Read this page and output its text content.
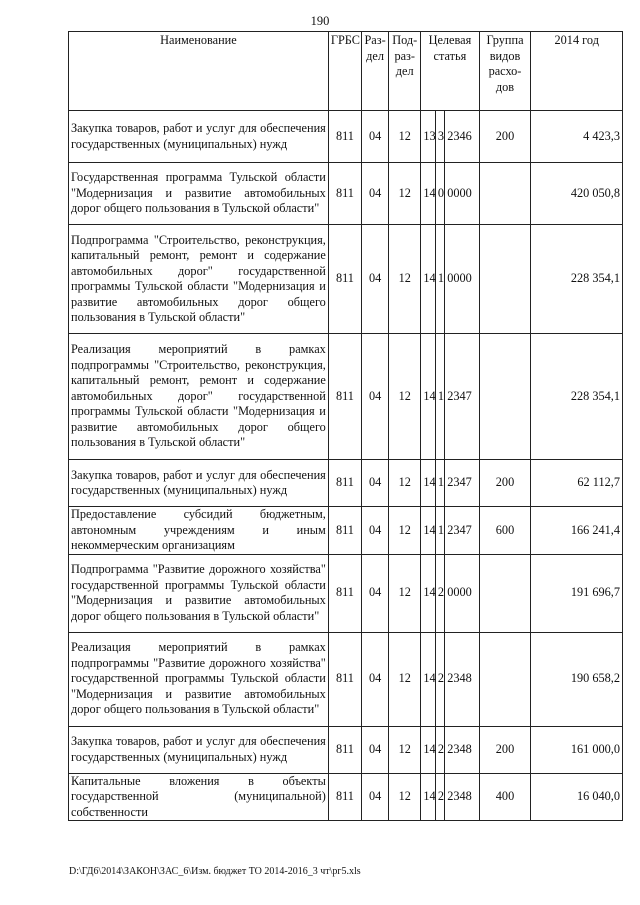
190
Наименование	ГРБС	Раз-дел	Под-раз-дел	Целевая статья			Группа видов расхо-дов	2014 год
Закупка товаров, работ и услуг для обеспечения государственных (муниципальных) нужд	811	04	12	13	3	2346	200	4 423,3
Государственная программа Тульской области "Модернизация и развитие автомобильных дорог общего пользования в Тульской области"	811	04	12	14	0	0000		420 050,8
Подпрограмма "Строительство, реконструкция, капитальный ремонт, ремонт и содержание автомобильных дорог" государственной программы Тульской области "Модернизация и развитие автомобильных дорог общего пользования в Тульской области"	811	04	12	14	1	0000		228 354,1
Реализация мероприятий в рамках подпрограммы "Строительство, реконструкция, капитальный ремонт, ремонт и содержание автомобильных дорог" государственной программы Тульской области "Модернизация и развитие автомобильных дорог общего пользования в Тульской области"	811	04	12	14	1	2347		228 354,1
Закупка товаров, работ и услуг для обеспечения государственных (муниципальных) нужд	811	04	12	14	1	2347	200	62 112,7
Предоставление субсидий бюджетным, автономным учреждениям и иным некоммерческим организациям	811	04	12	14	1	2347	600	166 241,4
Подпрограмма "Развитие дорожного хозяйства" государственной программы Тульской области "Модернизация и развитие автомобильных дорог общего пользования в Тульской области"	811	04	12	14	2	0000		191 696,7
Реализация мероприятий в рамках подпрограммы "Развитие дорожного хозяйства" государственной программы Тульской области "Модернизация и развитие автомобильных дорог общего пользования в Тульской области"	811	04	12	14	2	2348		190 658,2
Закупка товаров, работ и услуг для обеспечения государственных (муниципальных) нужд	811	04	12	14	2	2348	200	161 000,0
Капитальные вложения в объекты государственной (муниципальной) собственности	811	04	12	14	2	2348	400	16 040,0
D:\ГД6\2014\ЗАКОН\ЗАС_6\Изм. бюджет ТО 2014-2016_3 чт\рг5.xls
